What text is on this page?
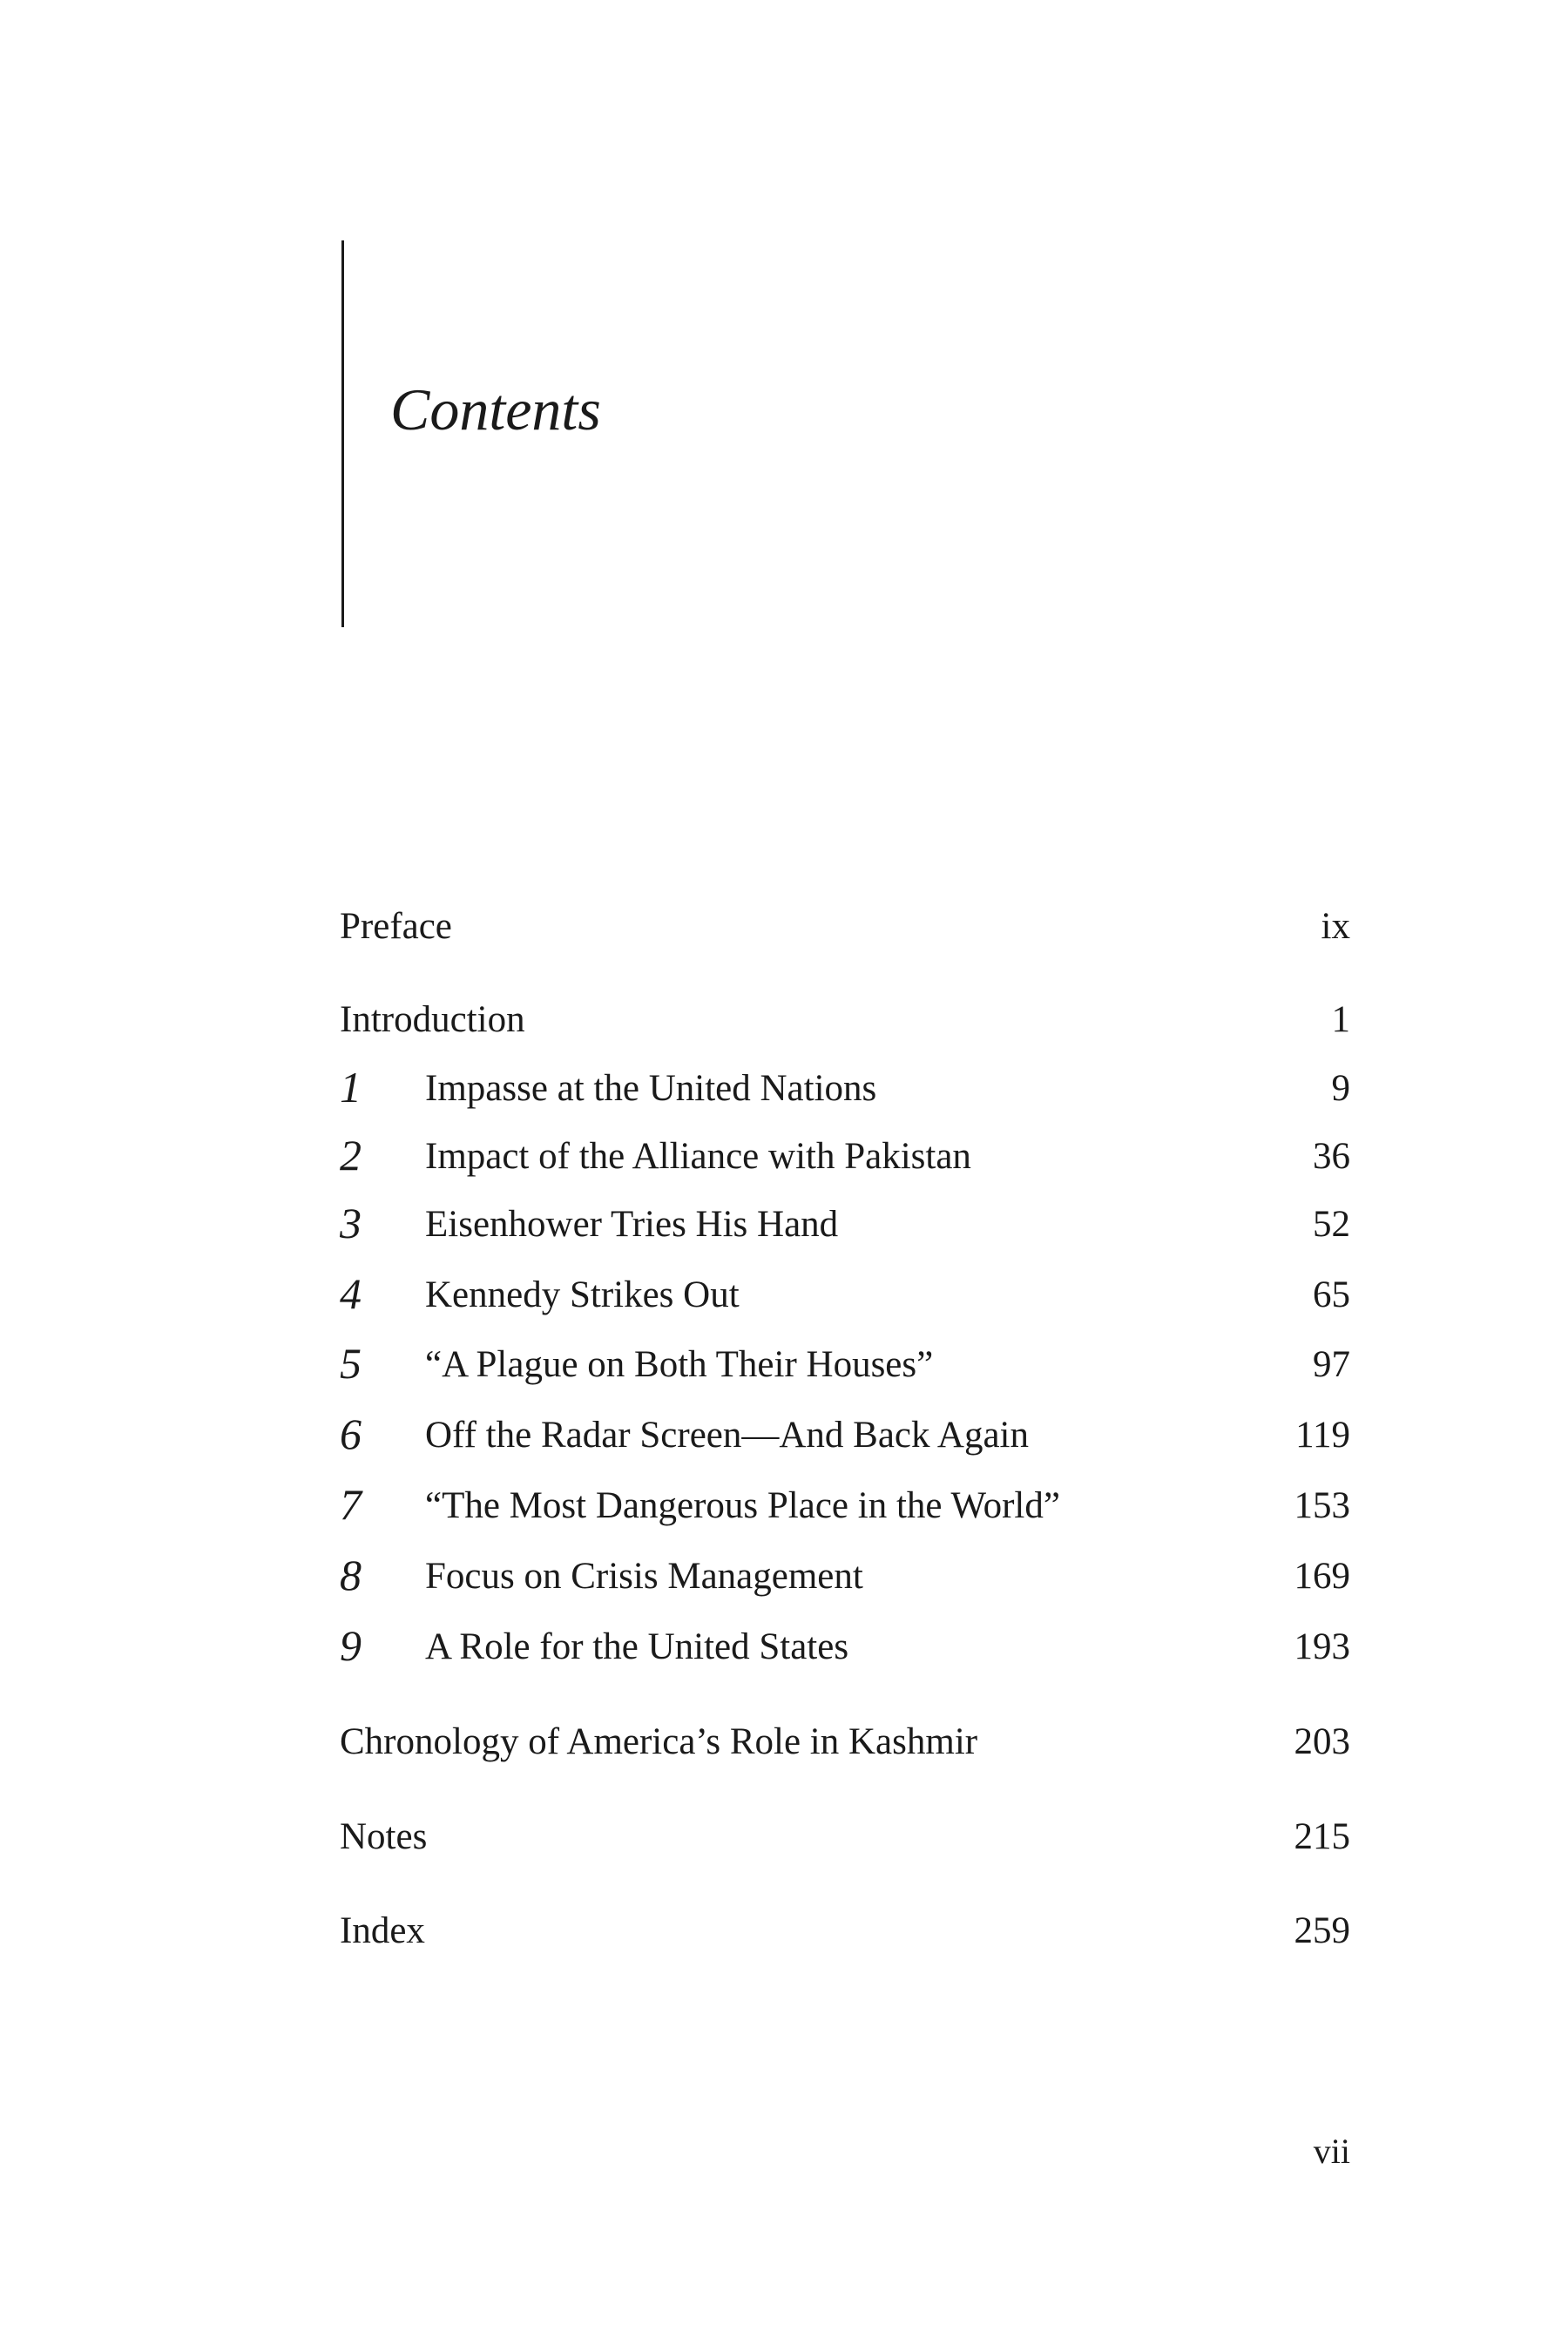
Contents
Preface	ix
Introduction	1
1 Impasse at the United Nations	9
2 Impact of the Alliance with Pakistan	36
3 Eisenhower Tries His Hand	52
4 Kennedy Strikes Out	65
5 “A Plague on Both Their Houses”	97
6 Off the Radar Screen—And Back Again	119
7 “The Most Dangerous Place in the World”	153
8 Focus on Crisis Management	169
9 A Role for the United States	193
Chronology of America’s Role in Kashmir	203
Notes	215
Index	259
vii
